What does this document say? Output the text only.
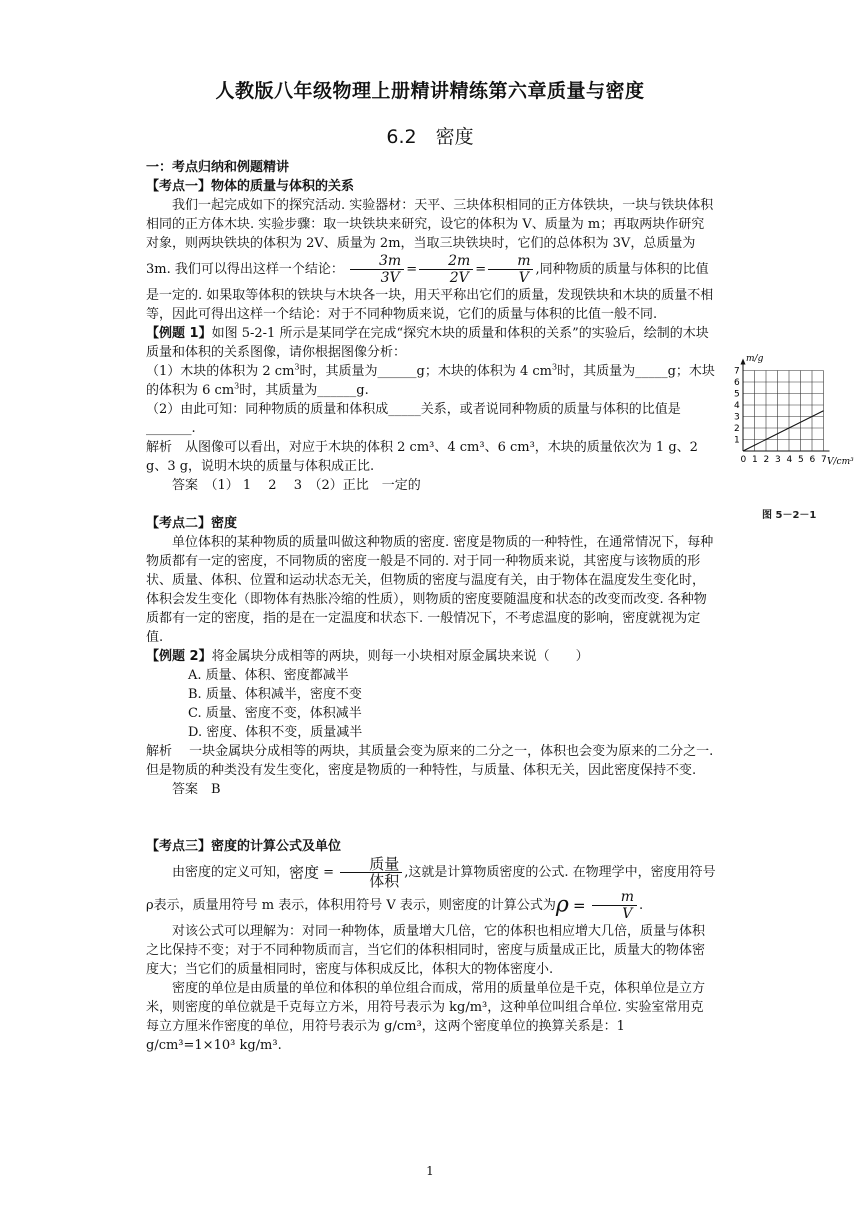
人教版八年级物理上册精讲精练第六章质量与密度
6.2　密度

一：考点归纳和例题精讲

【考点一】物体的质量与体积的关系

我们一起完成如下的探究活动. 实验器材：天平、三块体积相同的正方体铁块，一块与铁块体积相同的正方体木块. 实验步骤：取一块铁块来研究，设它的体积为 V、质量为 m；再取两块作研究对象，则两块铁块的体积为 2V、质量为 2m，当取三块铁块时，它们的总体积为 3V，总质量为 3m. 我们可以得出这样一个结论： $\frac{3m}{3V} = \frac{2m}{2V} = \frac{m}{V}$ ,同种物质的质量与体积的比值是一定的. 如果取等体积的铁块与木块各一块，用天平称出它们的质量，发现铁块和木块的质量不相等，因此可得出这样一个结论：对于不同种物质来说，它们的质量与体积的比值一般不同.

【例题 1】如图 5-2-1 所示是某同学在完成“探究木块的质量和体积的关系”的实验后，绘制的木块质量和体积的关系图像，请你根据图像分析：

（1）木块的体积为 2 $cm^3$时，其质量为______g；木块的体积为 4 $cm^3$时，其质量为_____g；木块的体积为 6 $cm^3$时，其质量为______g.

（2）由此可知：同种物质的质量和体积成_____关系，或者说同种物质的质量与体积的比值是_______.

解析　从图像可以看出，对应于木块的体积 2 cm³、4 cm³、6 cm³，木块的质量依次为 1 g、2 g、3 g，说明木块的质量与体积成正比.

答案　（1） 1　 2　 3　（2）正比　一定的

【考点二】密度

单位体积的某种物质的质量叫做这种物质的密度. 密度是物质的一种特性，在通常情况下，每种物质都有一定的密度，不同物质的密度一般是不同的. 对于同一种物质来说，其密度与该物质的形状、质量、体积、位置和运动状态无关，但物质的密度与温度有关，由于物体在温度发生变化时，体积会发生变化（即物体有热胀冷缩的性质），则物质的密度要随温度和状态的改变而改变. 各种物质都有一定的密度，指的是在一定温度和状态下. 一般情况下，不考虑温度的影响，密度就视为定值.

【例题 2】将金属块分成相等的两块，则每一小块相对原金属块来说（　　）

A. 质量、体积、密度都减半

B. 质量、体积减半，密度不变

C. 质量、密度不变，体积减半

D. 密度、体积不变，质量减半

解析　 一块金属块分成相等的两块，其质量会变为原来的二分之一，体积也会变为原来的二分之一.但是物质的种类没有发生变化，密度是物质的一种特性，与质量、体积无关，因此密度保持不变.

答案　B

【考点三】密度的计算公式及单位

由密度的定义可知，密度 = $\frac{\text{质量}}{\text{体积}}$ ,这就是计算物质密度的公式. 在物理学中，密度用符号ρ表示，质量用符号 m 表示，体积用符号 V 表示，则密度的计算公式为$\rho = \frac{m}{V}$ .

对该公式可以理解为：对同一种物体，质量增大几倍，它的体积也相应增大几倍，质量与体积之比保持不变；对于不同种物质而言，当它们的体积相同时，密度与质量成正比，质量大的物体密度大；当它们的质量相同时，密度与体积成反比，体积大的物体密度小.

密度的单位是由质量的单位和体积的单位组合而成，常用的质量单位是千克，体积单位是立方米，则密度的单位就是千克每立方米，用符号表示为 kg/m³，这种单位叫组合单位. 实验室常用克每立方厘米作密度的单位，用符号表示为 g/cm³，这两个密度单位的换算关系是：1 g/cm³=1×10³ kg/m³.

m/g
V/cm³
0 1 2 3 4 5 6 7
1
2
3
4
5
6
7
图 5－2－1
1
